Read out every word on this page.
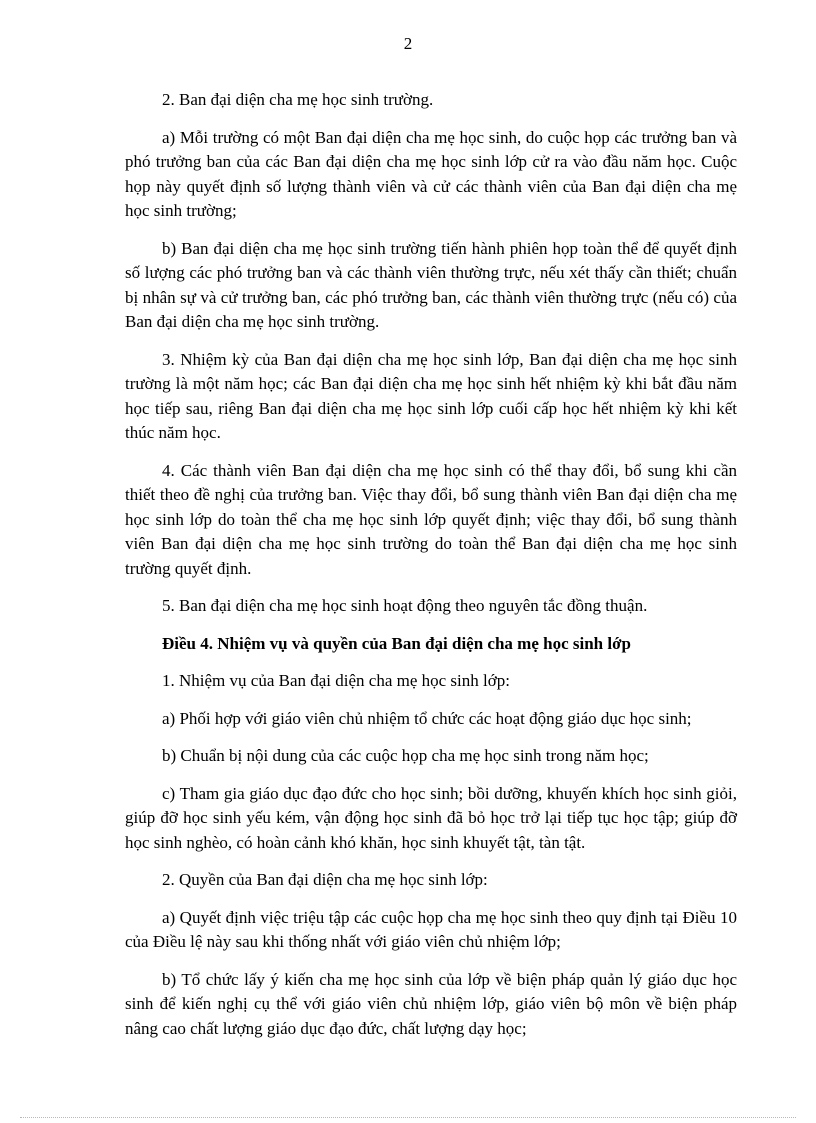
2

2. Ban đại diện cha mẹ học sinh trường.

a) Mỗi trường có một Ban đại diện cha mẹ học sinh, do cuộc họp các trưởng ban và phó trưởng ban của các Ban đại diện cha mẹ học sinh lớp cử ra vào đầu năm học. Cuộc họp này quyết định số lượng thành viên và cử các thành viên của Ban đại diện cha mẹ học sinh trường;

b) Ban đại diện cha mẹ học sinh trường tiến hành phiên họp toàn thể để quyết định số lượng các phó trưởng ban và các thành viên thường trực, nếu xét thấy cần thiết; chuẩn bị nhân sự và cử trưởng ban, các phó trưởng ban, các thành viên thường trực (nếu có) của Ban đại diện cha mẹ học sinh trường.

3. Nhiệm kỳ của Ban đại diện cha mẹ học sinh lớp, Ban đại diện cha mẹ học sinh trường là một năm học; các Ban đại diện cha mẹ học sinh hết nhiệm kỳ khi bắt đầu năm học tiếp sau, riêng Ban đại diện cha mẹ học sinh lớp cuối cấp học hết nhiệm kỳ khi kết thúc năm học.

4. Các thành viên Ban đại diện cha mẹ học sinh có thể thay đổi, bổ sung khi cần thiết theo đề nghị của trưởng ban. Việc thay đổi, bổ sung thành viên Ban đại diện cha mẹ học sinh lớp do toàn thể cha mẹ học sinh lớp quyết định; việc thay đổi, bổ sung thành viên Ban đại diện cha mẹ học sinh trường do toàn thể Ban đại diện cha mẹ học sinh trường quyết định.

5. Ban đại diện cha mẹ học sinh hoạt động theo nguyên tắc đồng thuận.

Điều 4. Nhiệm vụ và quyền của Ban đại diện cha mẹ học sinh lớp

1. Nhiệm vụ của Ban đại diện cha mẹ học sinh lớp:

a) Phối hợp với giáo viên chủ nhiệm tổ chức các hoạt động giáo dục học sinh;

b) Chuẩn bị nội dung của các cuộc họp cha mẹ học sinh trong năm học;

c) Tham gia giáo dục đạo đức cho học sinh; bồi dưỡng, khuyến khích học sinh giỏi, giúp đỡ học sinh yếu kém, vận động học sinh đã bỏ học trở lại tiếp tục học tập; giúp đỡ học sinh nghèo, có hoàn cảnh khó khăn, học sinh khuyết tật, tàn tật.

2. Quyền của Ban đại diện cha mẹ học sinh lớp:

a) Quyết định việc triệu tập các cuộc họp cha mẹ học sinh theo quy định tại Điều 10 của Điều lệ này sau khi thống nhất với giáo viên chủ nhiệm lớp;

b) Tổ chức lấy ý kiến cha mẹ học sinh của lớp về biện pháp quản lý giáo dục học sinh để kiến nghị cụ thể với giáo viên chủ nhiệm lớp, giáo viên bộ môn về biện pháp nâng cao chất lượng giáo dục đạo đức, chất lượng dạy học;
